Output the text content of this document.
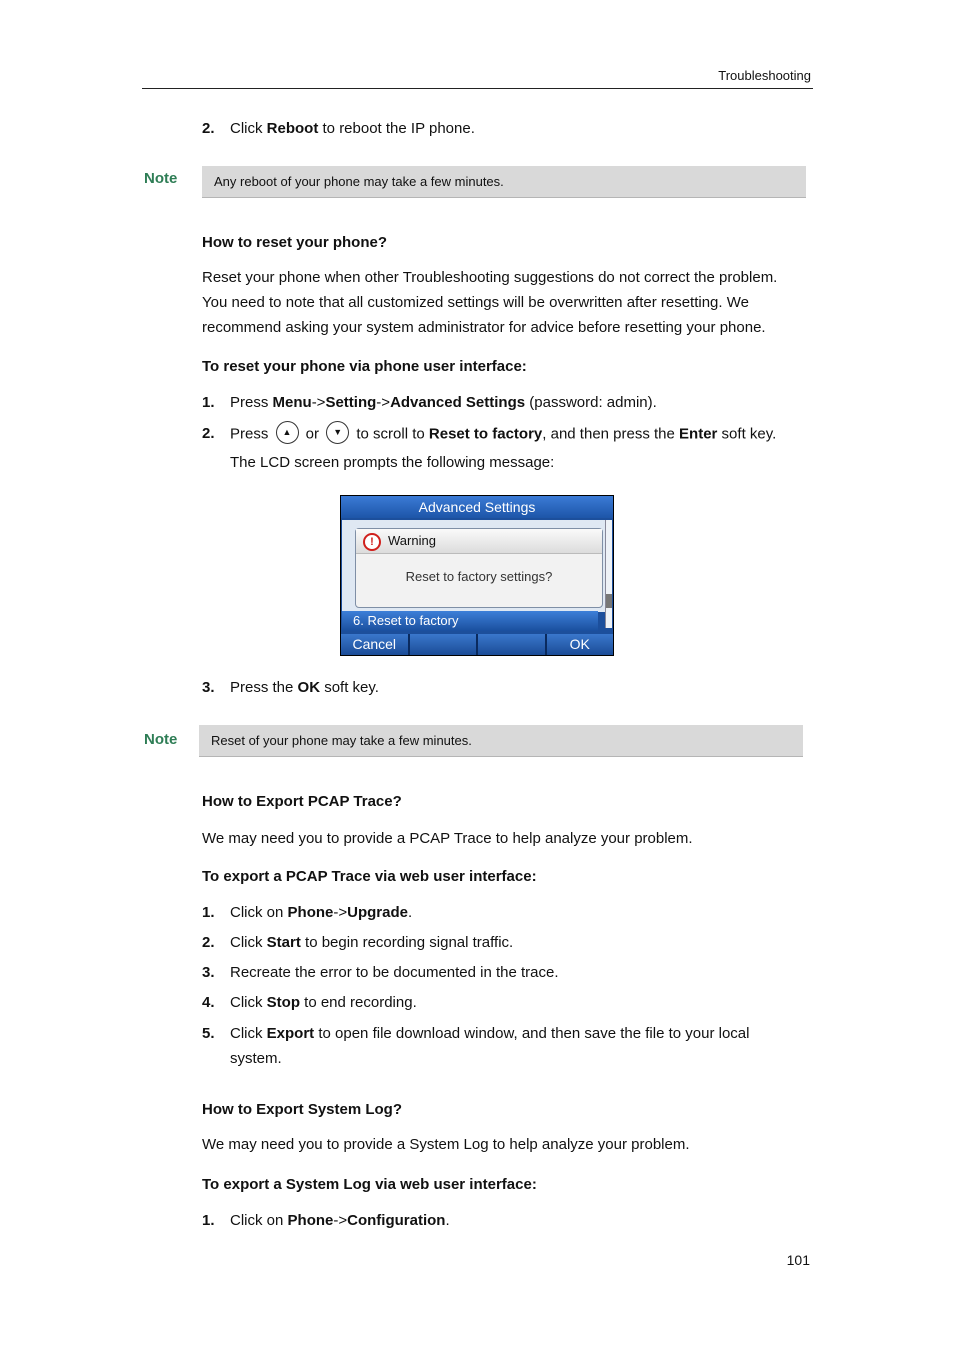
Troubleshooting
2. Click Reboot to reboot the IP phone.
Note	Any reboot of your phone may take a few minutes.
How to reset your phone?
Reset your phone when other Troubleshooting suggestions do not correct the problem.
You need to note that all customized settings will be overwritten after resetting. We
recommend asking your system administrator for advice before resetting your phone.
To reset your phone via phone user interface:
1. Press Menu->Setting->Advanced Settings (password: admin).
2. Press ▲ or ▼ to scroll to Reset to factory, and then press the Enter soft key.
The LCD screen prompts the following message:
Advanced Settings
!	Warning
Reset to factory settings?
6. Reset to factory
Cancel	OK
3. Press the OK soft key.
Note	Reset of your phone may take a few minutes.
How to Export PCAP Trace?
We may need you to provide a PCAP Trace to help analyze your problem.
To export a PCAP Trace via web user interface:
1. Click on Phone->Upgrade.
2. Click Start to begin recording signal traffic.
3. Recreate the error to be documented in the trace.
4. Click Stop to end recording.
5. Click Export to open file download window, and then save the file to your local
system.
How to Export System Log?
We may need you to provide a System Log to help analyze your problem.
To export a System Log via web user interface:
1. Click on Phone->Configuration.
101
